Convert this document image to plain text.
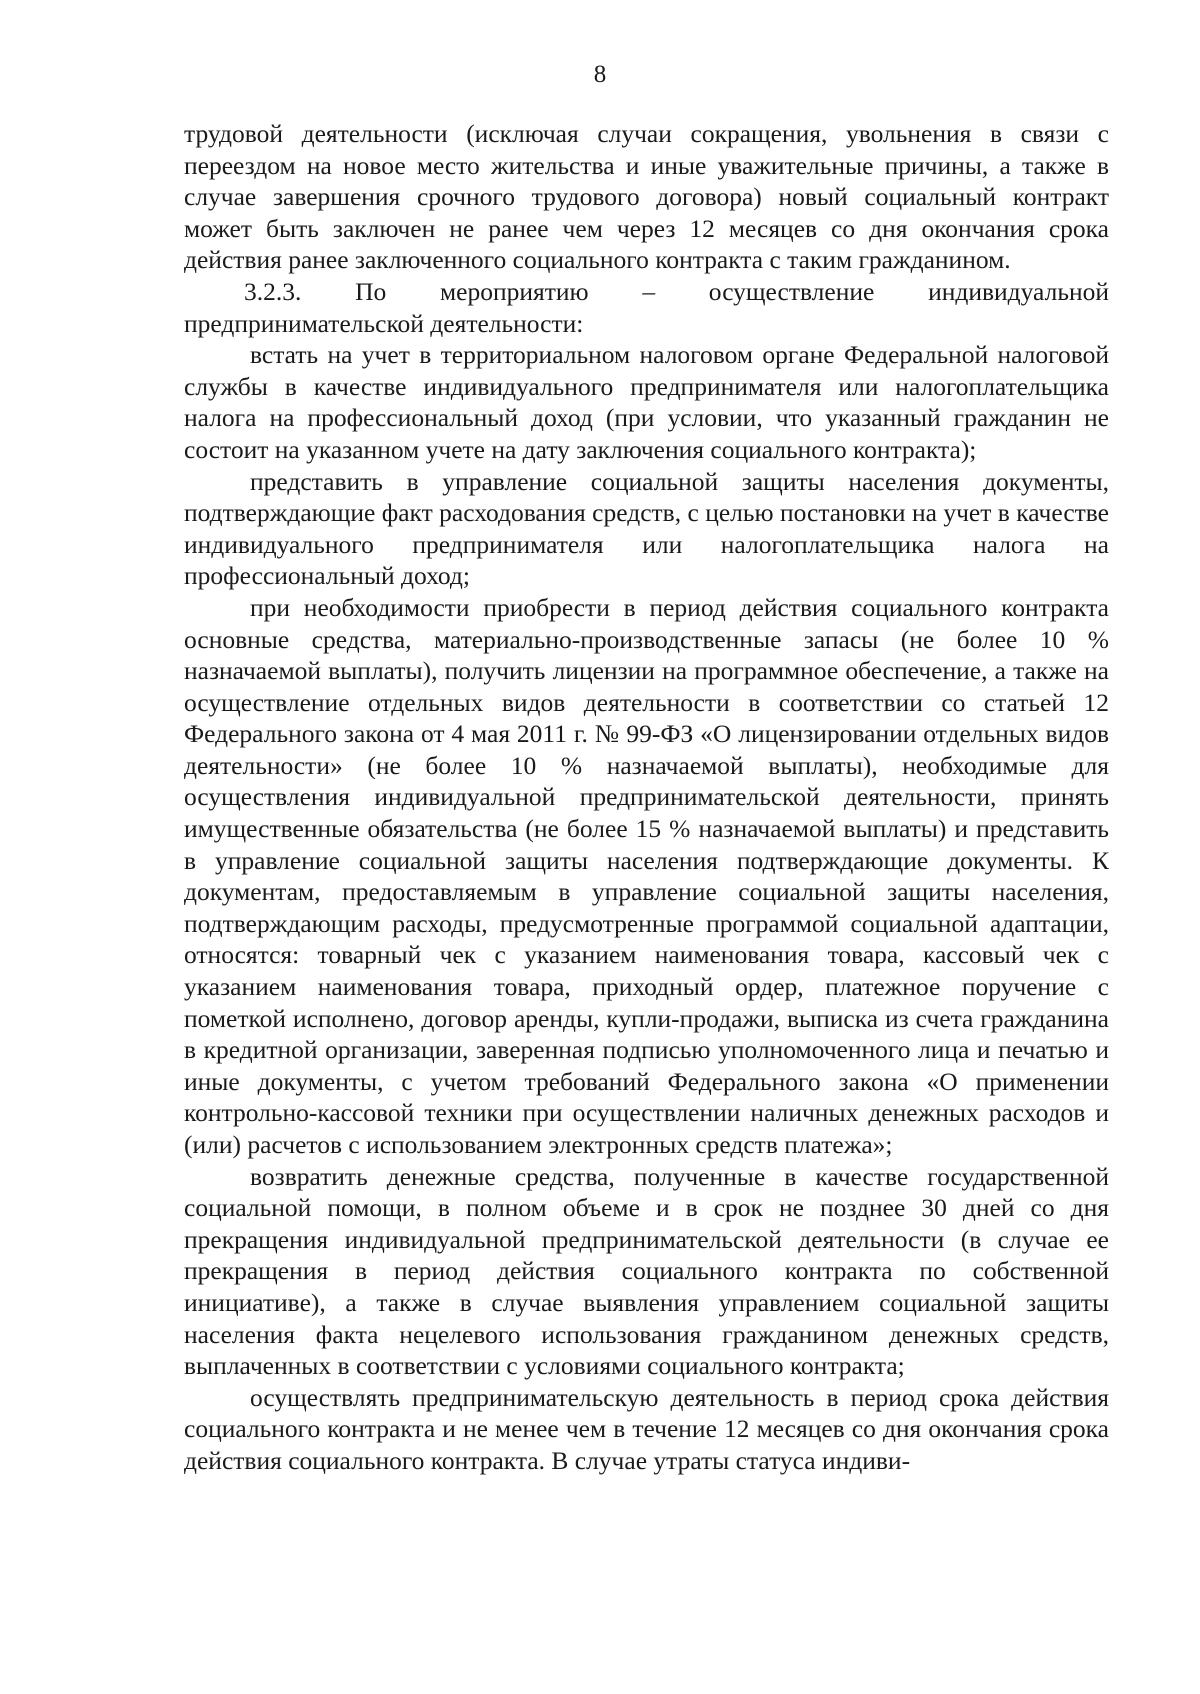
8

трудовой деятельности (исключая случаи сокращения, увольнения в связи с переездом на новое место жительства и иные уважительные причины, а также в случае завершения срочного трудового договора) новый социальный контракт может быть заключен не ранее чем через 12 месяцев со дня окончания срока действия ранее заключенного социального контракта с таким гражданином.

3.2.3. По мероприятию – осуществление индивидуальной предпринимательской деятельности:

встать на учет в территориальном налоговом органе Федеральной налоговой службы в качестве индивидуального предпринимателя или налогоплательщика налога на профессиональный доход (при условии, что указанный гражданин не состоит на указанном учете на дату заключения социального контракта);

представить в управление социальной защиты населения документы, подтверждающие факт расходования средств, с целью постановки на учет в качестве индивидуального предпринимателя или налогоплательщика налога на профессиональный доход;

при необходимости приобрести в период действия социального контракта основные средства, материально-производственные запасы (не более 10 % назначаемой выплаты), получить лицензии на программное обеспечение, а также на осуществление отдельных видов деятельности в соответствии со статьей 12 Федерального закона от 4 мая 2011 г. № 99-ФЗ «О лицензировании отдельных видов деятельности» (не более 10 % назначаемой выплаты), необходимые для осуществления индивидуальной предпринимательской деятельности, принять имущественные обязательства (не более 15 % назначаемой выплаты) и представить в управление социальной защиты населения подтверждающие документы. К документам, предоставляемым в управление социальной защиты населения, подтверждающим расходы, предусмотренные программой социальной адаптации, относятся: товарный чек с указанием наименования товара, кассовый чек с указанием наименования товара, приходный ордер, платежное поручение с пометкой исполнено, договор аренды, купли-продажи, выписка из счета гражданина в кредитной организации, заверенная подписью уполномоченного лица и печатью и иные документы, с учетом требований Федерального закона «О применении контрольно-кассовой техники при осуществлении наличных денежных расходов и (или) расчетов с использованием электронных средств платежа»;

возвратить денежные средства, полученные в качестве государственной социальной помощи, в полном объеме и в срок не позднее 30 дней со дня прекращения индивидуальной предпринимательской деятельности (в случае ее прекращения в период действия социального контракта по собственной инициативе), а также в случае выявления управлением социальной защиты населения факта нецелевого использования гражданином денежных средств, выплаченных в соответствии с условиями социального контракта;

осуществлять предпринимательскую деятельность в период срока действия социального контракта и не менее чем в течение 12 месяцев со дня окончания срока действия социального контракта. В случае утраты статуса индиви-
